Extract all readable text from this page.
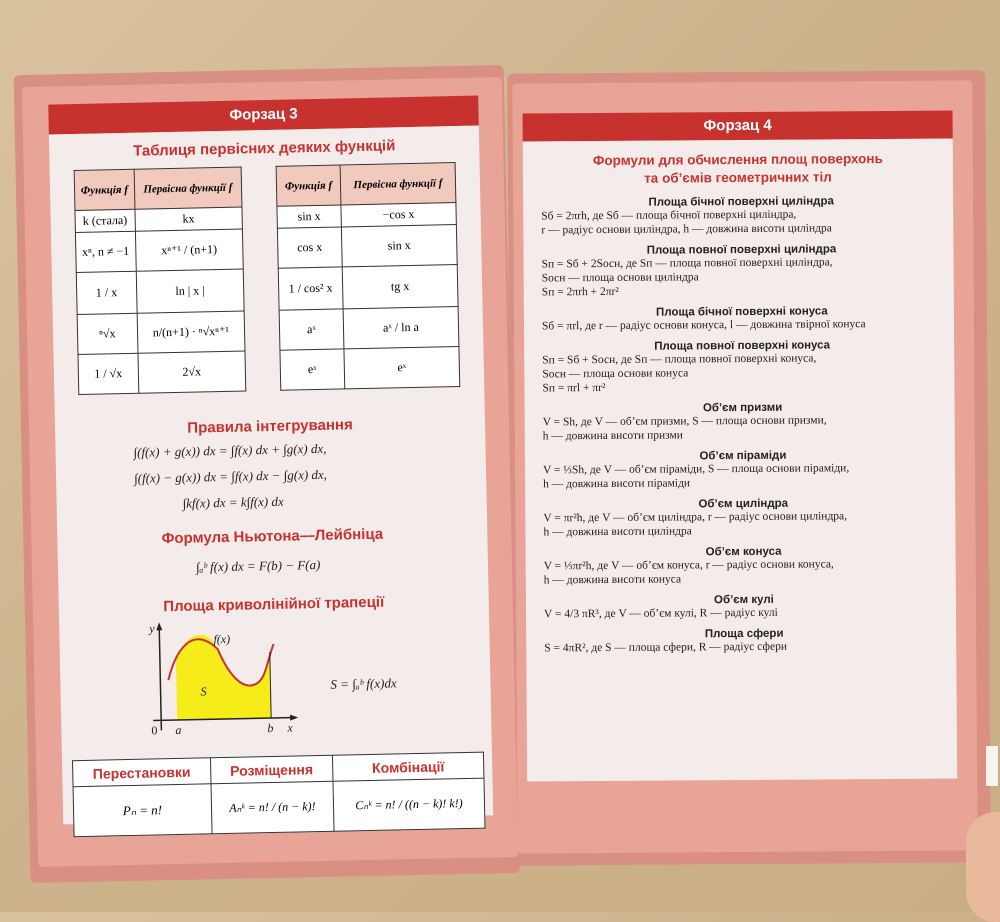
Форзац 3
Таблиця первісних деяких функцій
Функція f	Первісна функції f
k (стала)	kx
xⁿ, n ≠ −1	xⁿ⁺¹ / (n+1)
1 / x	ln | x |
ⁿ√x	n/(n+1) · ⁿ√xⁿ⁺¹
1 / √x	2√x
Функція f	Первісна функції f
sin x	−cos x
cos x	sin x
1 / cos² x	tg x
aˣ	aˣ / ln a
eˣ	eˣ
Правила інтегрування
∫(f(x) + g(x)) dx = ∫f(x) dx + ∫g(x) dx,
∫(f(x) − g(x)) dx = ∫f(x) dx − ∫g(x) dx,
∫kf(x) dx = k∫f(x) dx
Формула Ньютона—Лейбніца
∫ₐᵇ f(x) dx = F(b) − F(a)
Площа криволінійної трапеції
y
0 a	b x
f(x)
S	S = ∫ₐᵇ f(x)dx
Перестановки	Розміщення	Комбінації
Pₙ = n!	Aₙᵏ = n! / (n − k)!	Cₙᵏ = n! / ((n − k)! k!)
Форзац 4
Формули для обчислення площ поверхонь
та об’ємів геометричних тіл
Площа бічної поверхні циліндра
Sб = 2πrh, де Sб — площа бічної поверхні циліндра,
r — радіус основи циліндра, h — довжина висоти циліндра
Площа повної поверхні циліндра
Sп = Sб + 2Sосн, де Sп — площа повної поверхні циліндра,
Sосн — площа основи циліндра
Sп = 2πrh + 2πr²
Площа бічної поверхні конуса
Sб = πrl, де r — радіус основи конуса, l — довжина твірної конуса
Площа повної поверхні конуса
Sп = Sб + Sосн, де Sп — площа повної поверхні конуса,
Sосн — площа основи конуса
Sп = πrl + πr²
Об’єм призми
V = Sh, де V — об’єм призми, S — площа основи призми,
h — довжина висоти призми
Об’єм піраміди
V = ⅓Sh, де V — об’єм піраміди, S — площа основи піраміди,
h — довжина висоти піраміди
Об’єм циліндра
V = πr²h, де V — об’єм циліндра, r — радіус основи циліндра,
h — довжина висоти циліндра
Об’єм конуса
V = ⅓πr²h, де V — об’єм конуса, r — радіус основи конуса,
h — довжина висоти конуса
Об’єм кулі
V = 4/3 πR³, де V — об’єм кулі, R — радіус кулі
Площа сфери
S = 4πR², де S — площа сфери, R — радіус сфери
